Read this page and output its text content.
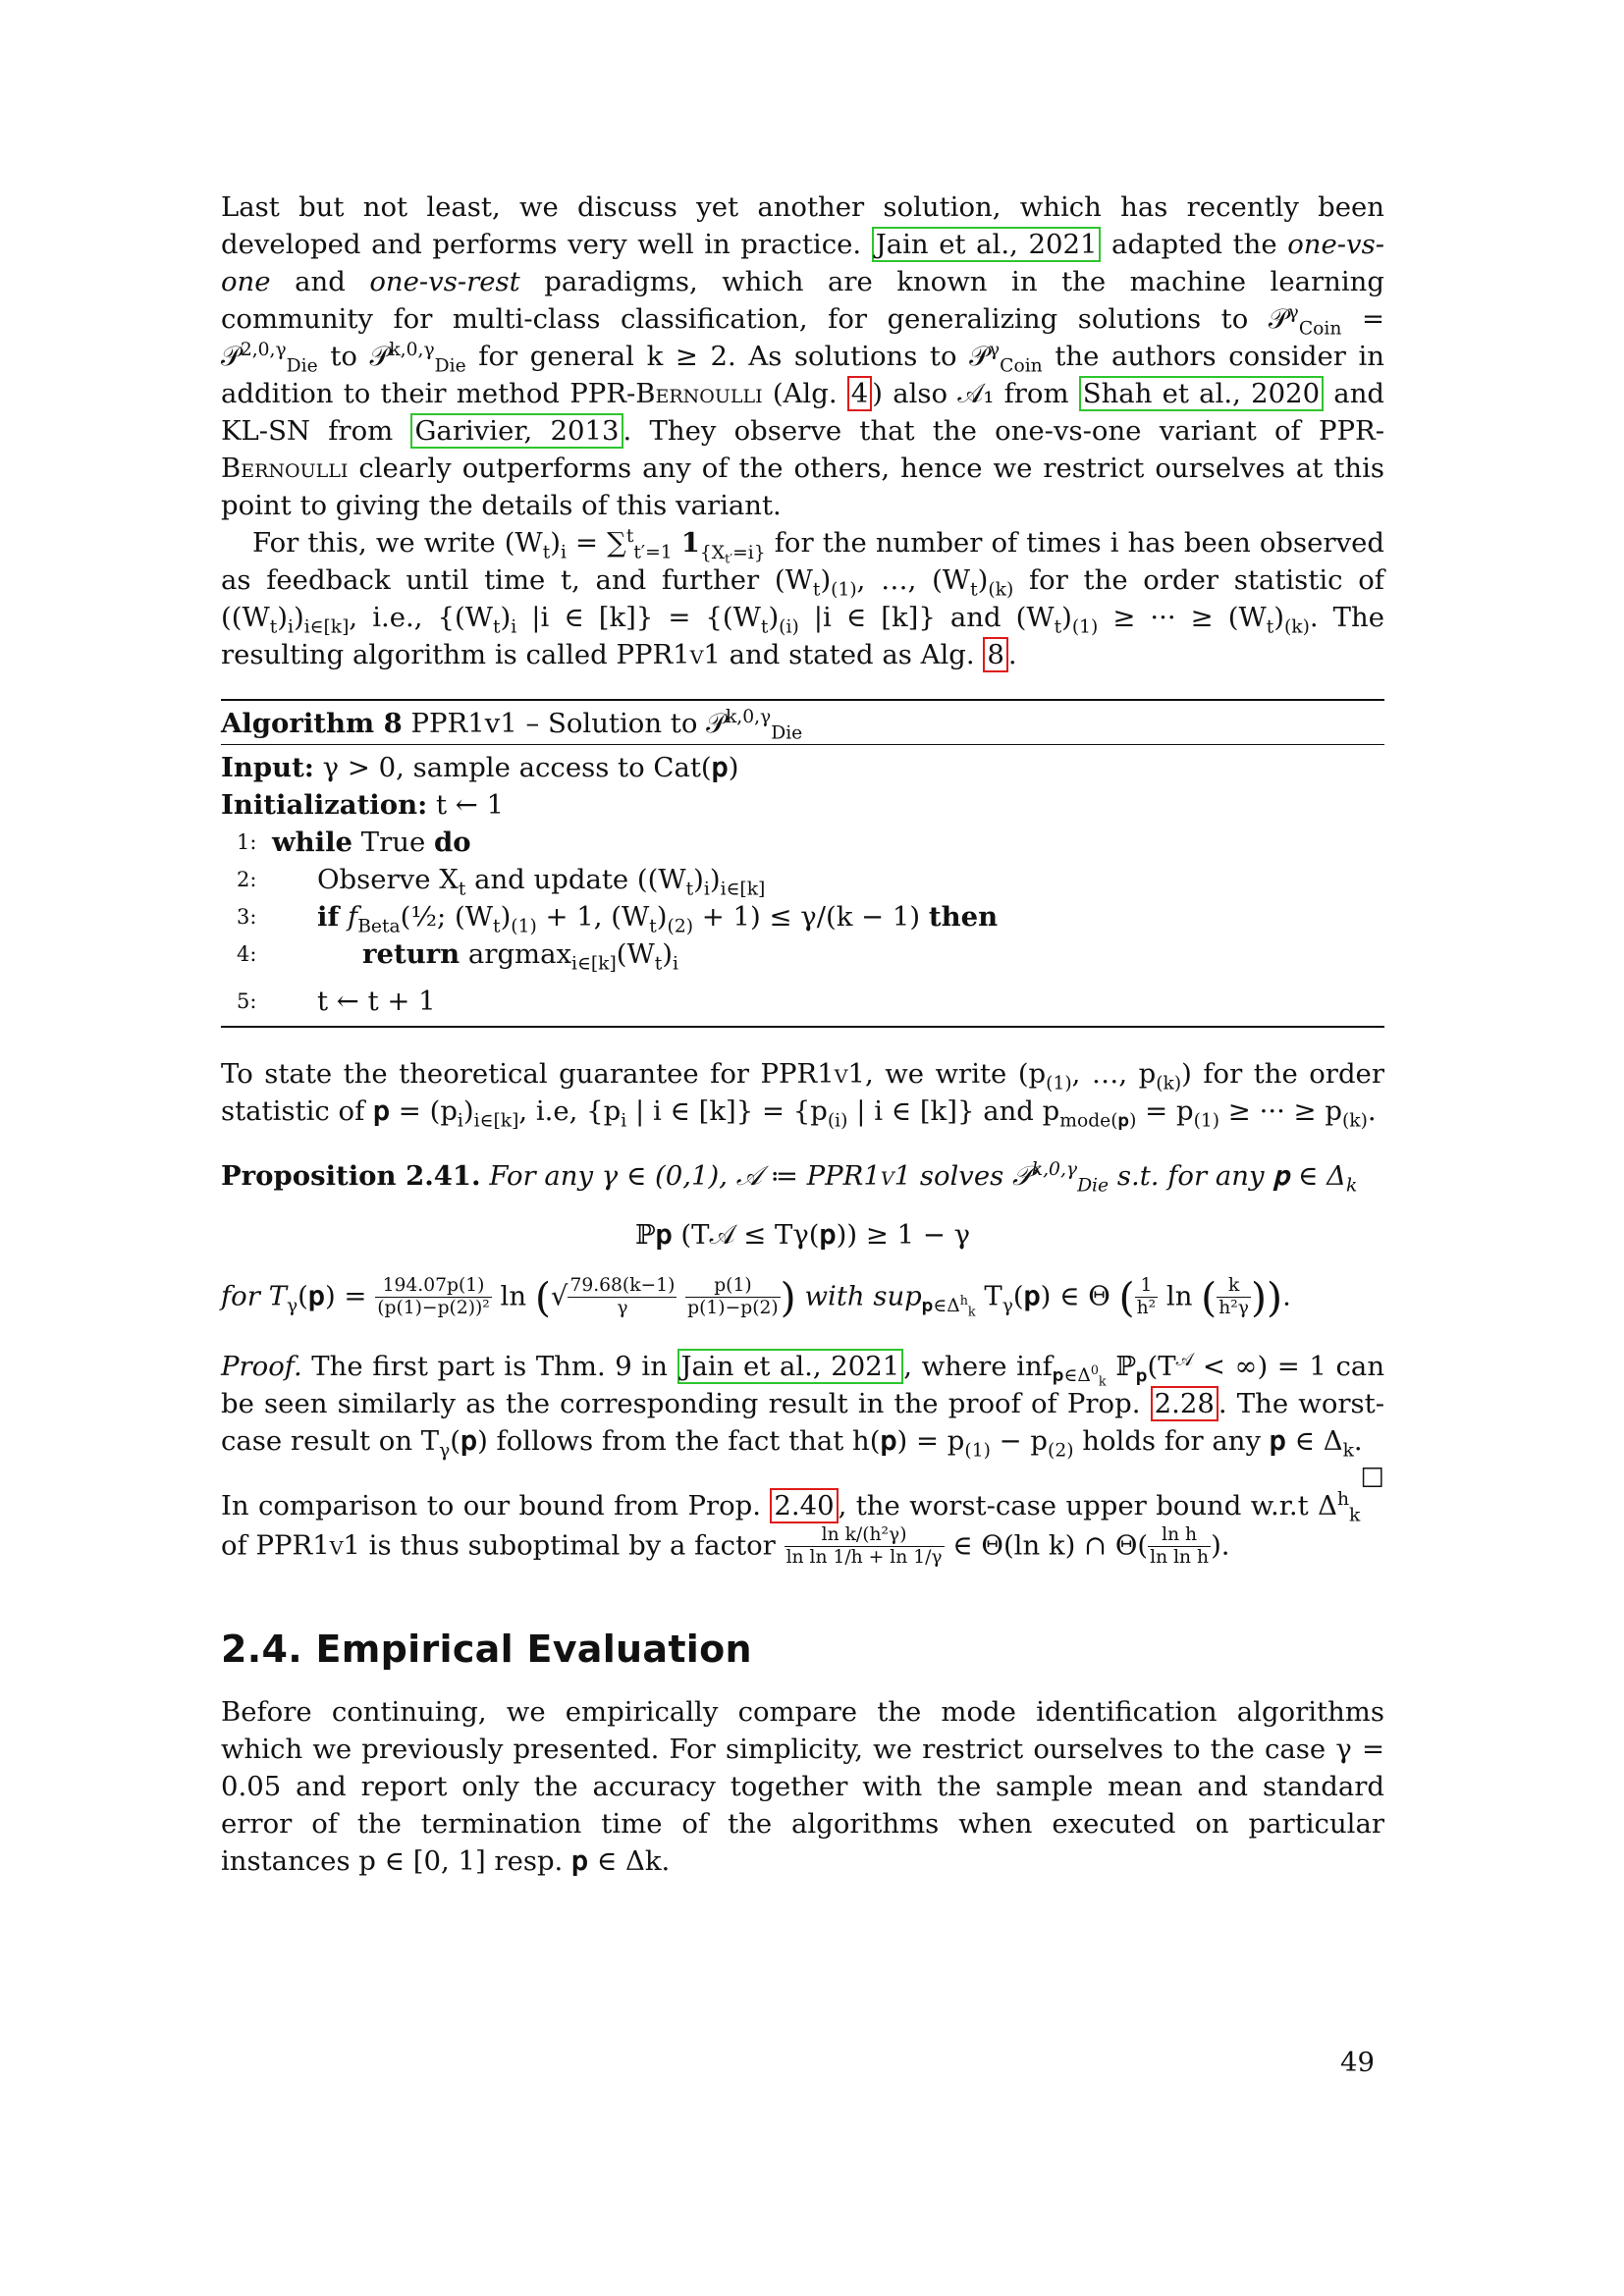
Last but not least, we discuss yet another solution, which has recently been developed and performs very well in practice. Jain et al., 2021 adapted the one-vs-one and one-vs-rest paradigms, which are known in the machine learning community for multi-class classification, for generalizing solutions to 𝒫$^\gamma_{Coin}$ = 𝒫$^{2,0,\gamma}_{Die}$ to 𝒫$^{k,0,\gamma}_{Die}$ for general k ≥ 2. As solutions to 𝒫$^\gamma_{Coin}$ the authors consider in addition to their method PPR-Bernoulli (Alg. 4 ) also 𝒜₁ from Shah et al., 2020 and KL-SN from Garivier, 2013 . They observe that the one-vs-one variant of PPR-Bernoulli clearly outperforms any of the others, hence we restrict ourselves at this point to giving the details of this variant.

For this, we write $(W_t)_i = \sum^t_{t'=1}$ $1_{\{X_{t'}=i\}}$ for the number of times i has been observed as feedback until time t, and further $(W_t)_{(1)}$, …, $(W_t)_{(k)}$ for the order statistic of $((W_t)_i)_{i\in[k]}$, i.e., {$(W_t)_i$ |i ∈ $[k]\} = \{(W_t)_{(i)}$ |i ∈ [k]} and $(W_t)_{(1)}$ ≥ ··· ≥ $(W_t)_{(k)}$. The resulting algorithm is called PPR1v1 and stated as Alg. 8 .

Algorithm 8 PPR1v1 – Solution to 𝒫$^{k,0,\gamma}_{Die}$
Input: γ > 0, sample access to Cat(𝐩)
Initialization: t ← 1
1: while True do
2: Observe $X_t$ and update $((W_t)_i)_{i\in[k]}$
3: if $f_{Beta}(\frac{1}{2}$; $(W_t)_{(1)} + 1$, $(W_t)_{(2)} + 1) \le \gamma/(k - 1)$ then
4:	return $argmax_{i\in[k]}(W_t)_i$
5: t ← t + 1

To state the theoretical guarantee for PPR1v1, we write ($p_{(1)}$, …, $p_{(k)}$) for the order statistic of 𝐩 = $(p_i)_{i\in[k]}$, i.e, {$p_i$ | i ∈ $[k]\} = \{p_{(i)}$ | i ∈ [k]} and $p_{mode(𝐩)} = p_{(1)}$ ≥ ··· ≥ $p_{(k)}$.

Proposition 2.41. For any γ ∈ (0,1), 𝒜 ≔ PPR1v1 solves 𝒫$^{k,0,\gamma}_{Die}$ s.t. for any 𝐩 ∈ $\Delta_k$

ℙ𝐩 (T𝒜 ≤ Tγ(𝐩)) ≥ 1 − γ

for $T_\gamma(𝐩) = \frac{194.07p(1)}{\text{(p(1)−p(2))²}}$ ln (√ $\frac{79.68(k-1)}{\gamma}$
$\frac{p(1)}{p(1)-p(2)}$ ) with sup$_{𝐩\in\Delta^h_k}$ $T_\gamma(𝐩)$ ∈ Θ ( $\frac{1}{\text{h²}}$ ln ( $\frac{k}{\text{h²γ}}$ )).

Proof. The first part is Thm. 9 in Jain et al., 2021 , where inf$_{𝐩\in\Delta^0_k}$ $ℙ_𝐩(T^𝒜$ < ∞) = 1 can be seen similarly as the corresponding result in the proof of Prop. 2.28 . The worst-case result on $T_\gamma(𝐩)$ follows from the fact that h(𝐩) = $p_{(1)} - p_{(2)}$ holds for any 𝐩 ∈ $\Delta_k$.
☐

In comparison to our bound from Prop. 2.40 , the worst-case upper bound w.r.t $\Delta^h_k$ of PPR1v1 is thus suboptimal by a factor $\frac{\text{ln k/(h²γ)}}{\text{ln ln 1/h + ln 1/γ}}$ ∈ Θ(ln k) ∩ $\Theta( \frac{\text{ln h}}{\text{ln ln h}}$ ).

2.4. Empirical Evaluation

Before continuing, we empirically compare the mode identification algorithms which we previously presented. For simplicity, we restrict ourselves to the case γ = 0.05 and report only the accuracy together with the sample mean and standard error of the termination time of the algorithms when executed on particular instances p ∈ [0, 1] resp. 𝐩 ∈ Δk.

49
